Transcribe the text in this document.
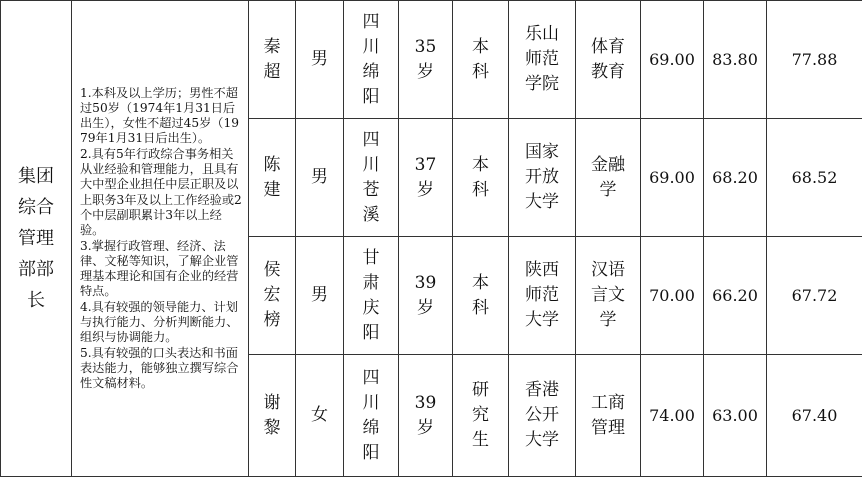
集团综合管理部部长	1.本科及以上学历；男性不超过50岁（1974年1月31日后出生），女性不超过45岁（1979年1月31日后出生）。
2.具有5年行政综合事务相关从业经验和管理能力，且具有大中型企业担任中层正职及以上职务3年及以上工作经验或2个中层副职累计3年以上经验。
3.掌握行政管理、经济、法律、文秘等知识，了解企业管理基本理论和国有企业的经营特点。
4.具有较强的领导能力、计划与执行能力、分析判断能力、组织与协调能力。
5.具有较强的口头表达和书面表达能力，能够独立撰写综合性文稿材料。	秦超	男	四川绵阳	35岁	本科	乐山师范学院	体育教育	69.00	83.80	77.88

		陈建	男	四川苍溪	37岁	本科	国家开放大学	金融学	69.00	68.20	68.52

		侯宏榜	男	甘肃庆阳	39岁	本科	陕西师范大学	汉语言文学	70.00	66.20	67.72

		谢黎	女	四川绵阳	39岁	研究生	香港公开大学	工商管理	74.00	63.00	67.40
